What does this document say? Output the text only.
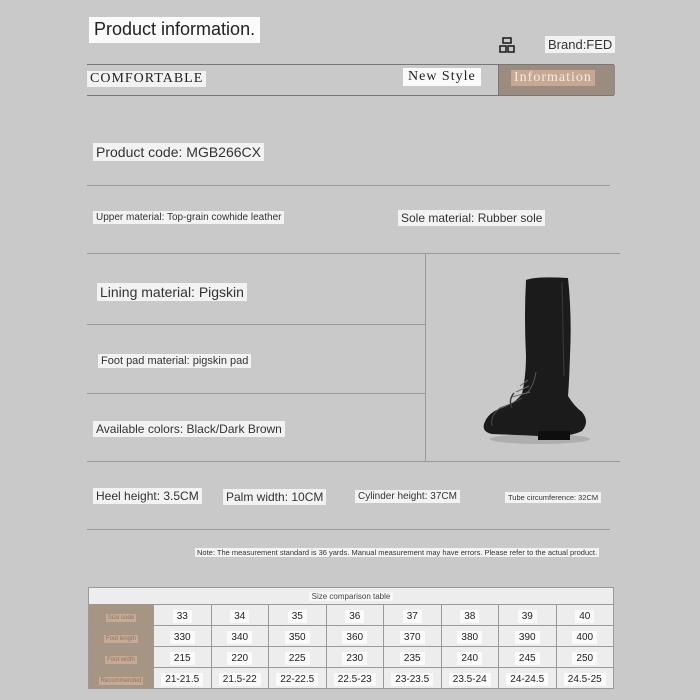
Product information.
Brand:FED
COMFORTABLE	New Style	Information
Product code: MGB266CX
Upper material: Top-grain cowhide leather	Sole material: Rubber sole
Lining material: Pigskin
Foot pad material: pigskin pad
Available colors: Black/Dark Brown
Heel height: 3.5CM Palm width: 10CM	Cylinder height: 37CM	Tube circumference: 32CM
Note: The measurement standard is 36 yards. Manual measurement may have errors. Please refer to the actual product.
Size comparison table								
Size code	33	34	35	36	37	38	39	40
Foot length	330	340	350	360	370	380	390	400
Foot width	215	220	225	230	235	240	245	250
Recommended	21-21.5	21.5-22	22-22.5	22.5-23	23-23.5	23.5-24	24-24.5	24.5-25
